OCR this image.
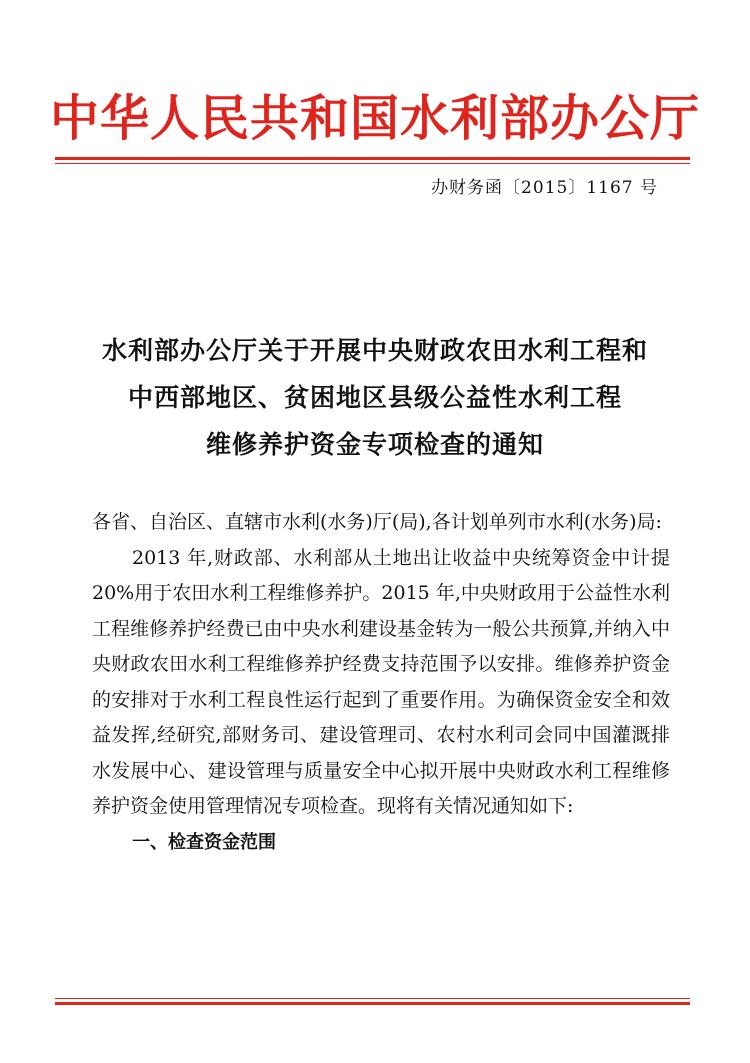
中华人民共和国水利部办公厅
办财务函〔2015〕1167 号
水利部办公厅关于开展中央财政农田水利工程和
中西部地区、贫困地区县级公益性水利工程
维修养护资金专项检查的通知

各省、自治区、直辖市水利(水务)厅(局),各计划单列市水利(水务)局:

2013 年,财政部、水利部从土地出让收益中央统筹资金中计提 20%用于农田水利工程维修养护。2015 年,中央财政用于公益性水利工程维修养护经费已由中央水利建设基金转为一般公共预算,并纳入中央财政农田水利工程维修养护经费支持范围予以安排。维修养护资金的安排对于水利工程良性运行起到了重要作用。为确保资金安全和效益发挥,经研究,部财务司、建设管理司、农村水利司会同中国灌溉排水发展中心、建设管理与质量安全中心拟开展中央财政水利工程维修养护资金使用管理情况专项检查。现将有关情况通知如下:

一、检查资金范围
